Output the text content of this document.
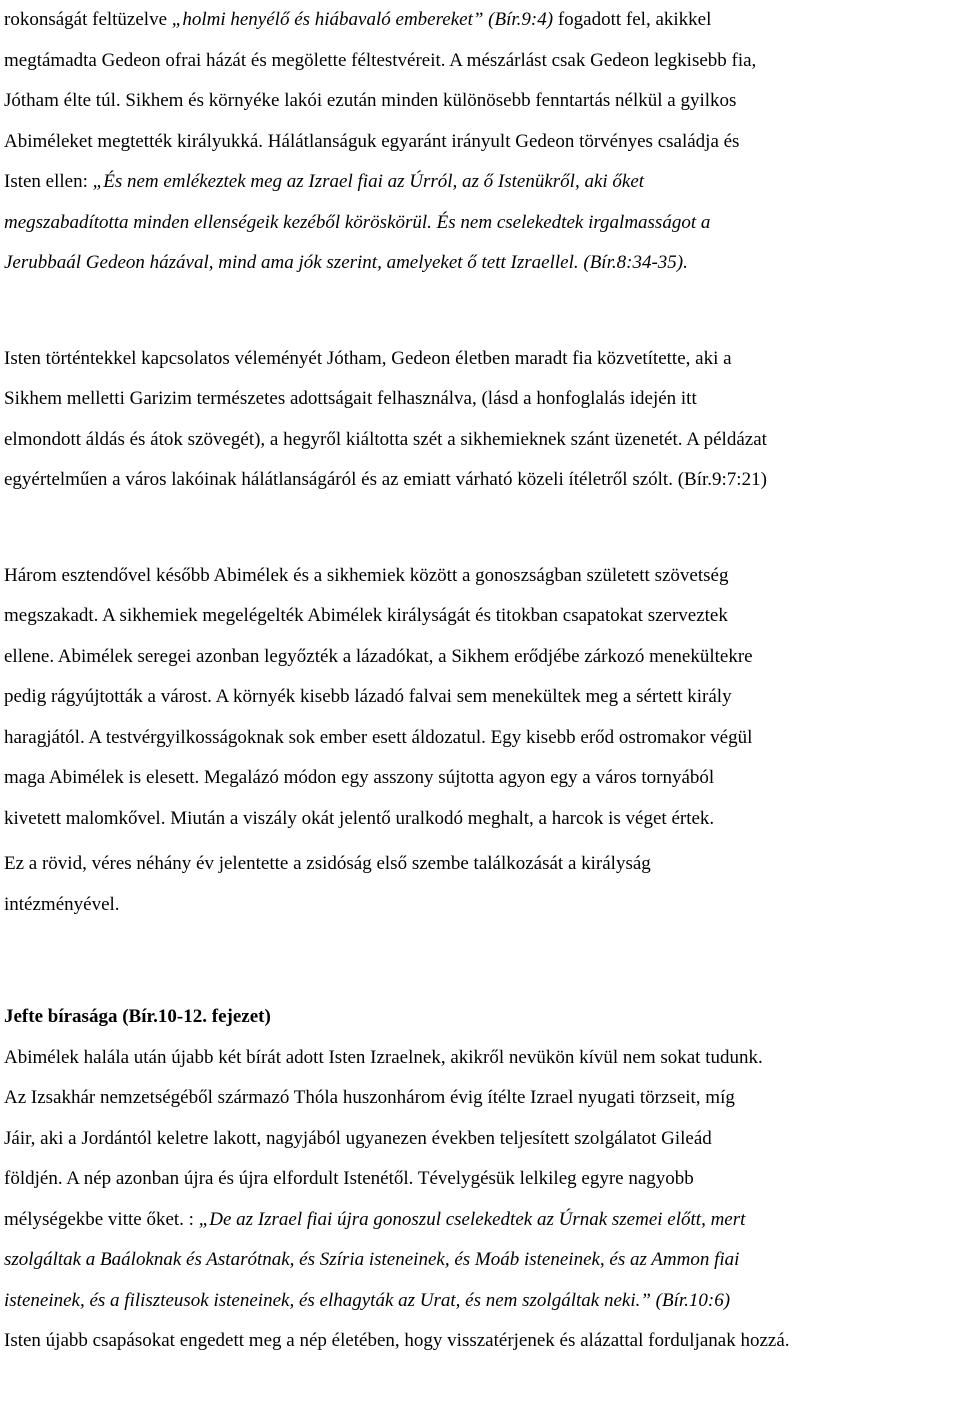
rokonságát feltüzelve „holmi henyélő és hiábavaló embereket” (Bír.9:4) fogadott fel, akikkel
megtámadta Gedeon ofrai házát és megölette féltestvéreit. A mészárlást csak Gedeon legkisebb fia,
Jótham élte túl. Sikhem és környéke lakói ezután minden különösebb fenntartás nélkül a gyilkos
Abiméleket megtették királyukká. Hálátlanságuk egyaránt irányult Gedeon törvényes családja és
Isten ellen: „És nem emlékeztek meg az Izrael fiai az Úrról, az ő Istenükről, aki őket
megszabadította minden ellenségeik kezéből köröskörül. És nem cselekedtek irgalmasságot a
Jerubbaál Gedeon házával, mind ama jók szerint, amelyeket ő tett Izraellel. (Bír.8:34-35).

Isten történtekkel kapcsolatos véleményét Jótham, Gedeon életben maradt fia közvetítette, aki a
Sikhem melletti Garizim természetes adottságait felhasználva, (lásd a honfoglalás idején itt
elmondott áldás és átok szövegét), a hegyről kiáltotta szét a sikhemieknek szánt üzenetét. A példázat
egyértelműen a város lakóinak hálátlanságáról és az emiatt várható közeli ítéletről szólt. (Bír.9:7:21)

Három esztendővel később Abimélek és a sikhemiek között a gonoszságban született szövetség
megszakadt. A sikhemiek megelégelték Abimélek királyságát és titokban csapatokat szerveztek
ellene. Abimélek seregei azonban legyőzték a lázadókat, a Sikhem erődjébe zárkozó menekültekre
pedig rágyújtották a várost. A környék kisebb lázadó falvai sem menekültek meg a sértett király
haragjától. A testvérgyilkosságoknak sok ember esett áldozatul. Egy kisebb erőd ostromakor végül
maga Abimélek is elesett. Megalázó módon egy asszony sújtotta agyon egy a város tornyából
kivetett malomkővel. Miután a viszály okát jelentő uralkodó meghalt, a harcok is véget értek.

Ez a rövid, véres néhány év jelentette a zsidóság első szembe találkozását a királyság
intézményével.

Jefte bírasága (Bír.10-12. fejezet)

Abimélek halála után újabb két bírát adott Isten Izraelnek, akikről nevükön kívül nem sokat tudunk.

Az Izsakhár nemzetségéből származó Thóla huszonhárom évig ítélte Izrael nyugati törzseit, míg
Jáir, aki a Jordántól keletre lakott, nagyjából ugyanezen években teljesített szolgálatot Gileád
földjén. A nép azonban újra és újra elfordult Istenétől. Tévelygésük lelkileg egyre nagyobb
mélységekbe vitte őket. : „De az Izrael fiai újra gonoszul cselekedtek az Úrnak szemei előtt, mert
szolgáltak a Baáloknak és Astarótnak, és Szíria isteneinek, és Moáb isteneinek, és az Ammon fiai
isteneinek, és a filiszteusok isteneinek, és elhagyták az Urat, és nem szolgáltak neki.” (Bír.10:6)

Isten újabb csapásokat engedett meg a nép életében, hogy visszatérjenek és alázattal forduljanak hozzá.
